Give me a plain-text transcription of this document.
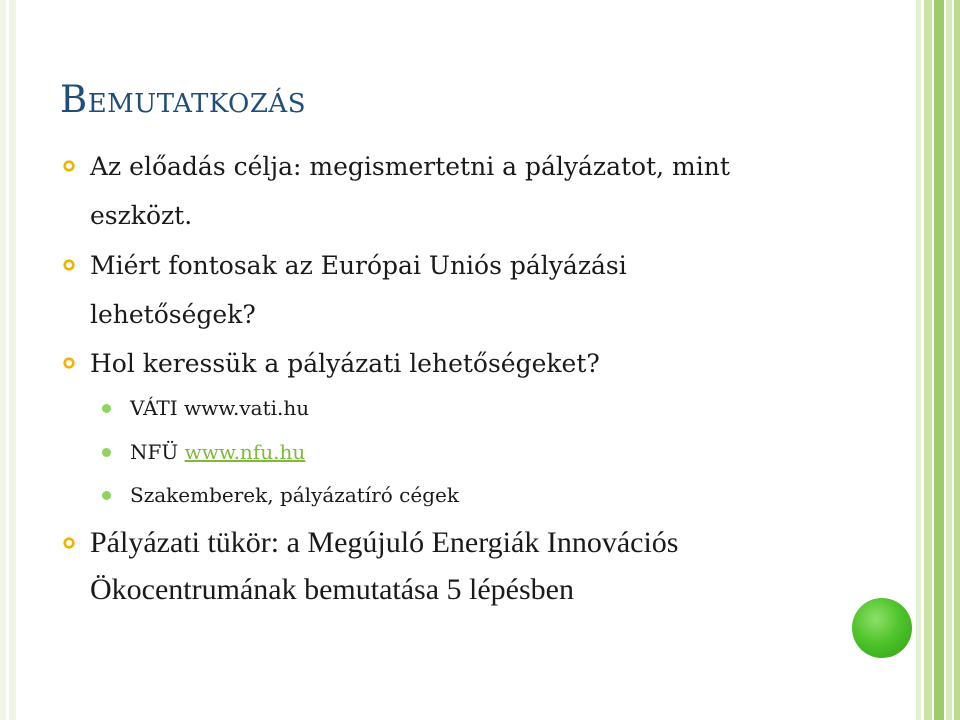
Bemutatkozás
Az előadás célja: megismertetni a pályázatot, mint
eszközt.
Miért fontosak az Európai Uniós pályázási
lehetőségek?
Hol keressük a pályázati lehetőségeket?
VÁTI www.vati.hu
NFÜ www.nfu.hu
Szakemberek, pályázatíró cégek
Pályázati tükör: a Megújuló Energiák Innovációs
Ökocentrumának bemutatása 5 lépésben
